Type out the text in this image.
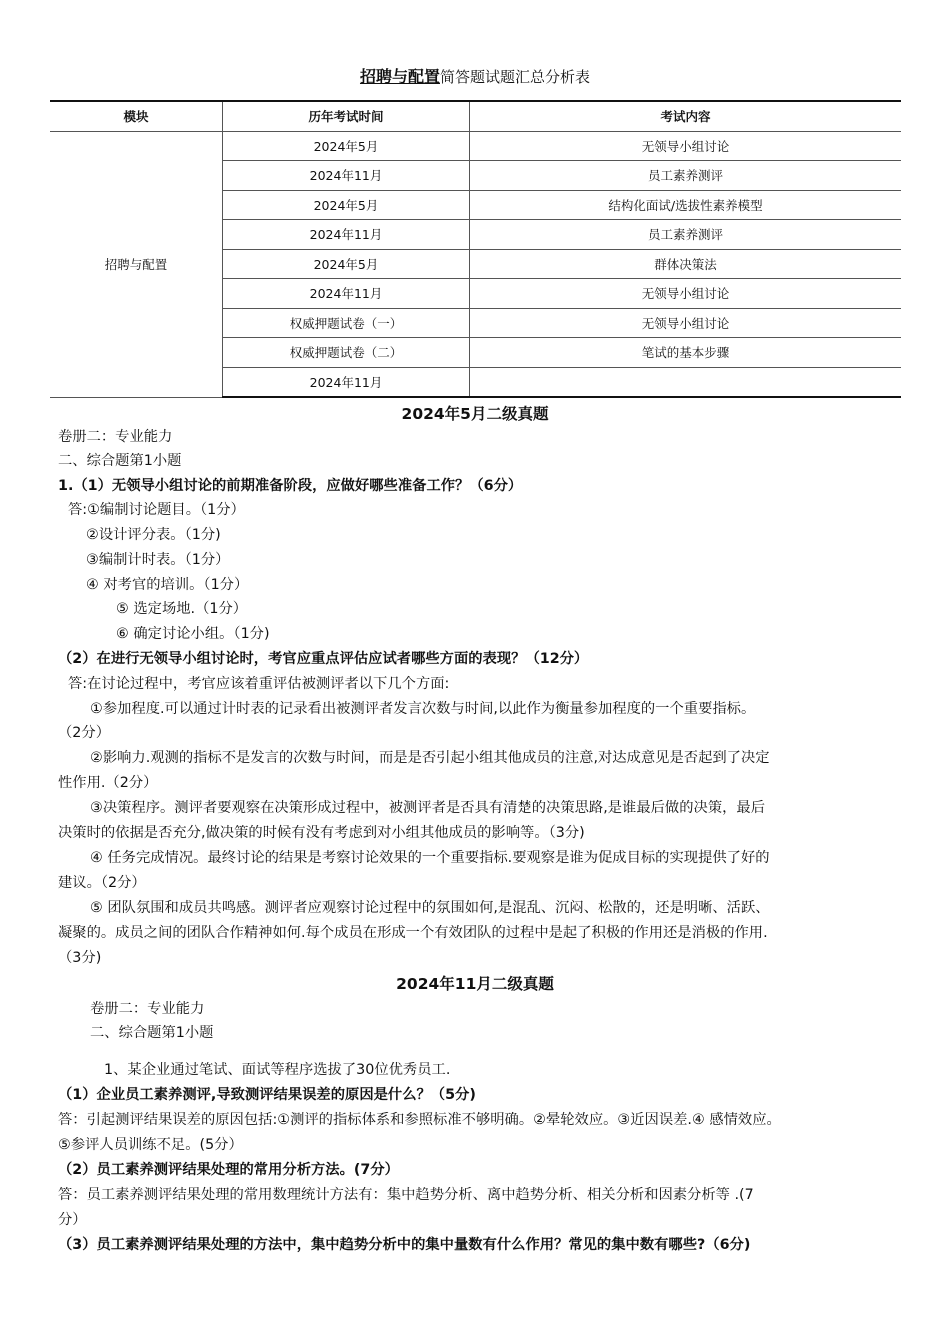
招聘与配置简答题试题汇总分析表
模块	历年考试时间	考试内容
招聘与配置	2024年5月	无领导小组讨论
	2024年11月	员工素养测评
	2024年5月	结构化面试/选拔性素养模型
	2024年11月	员工素养测评
	2024年5月	群体决策法
	2024年11月	无领导小组讨论
	权威押题试卷（一）	无领导小组讨论
	权威押题试卷（二）	笔试的基本步骤
	2024年11月	
2024年5月二级真题
卷册二：专业能力
二、综合题第1小题
1.（1）无领导小组讨论的前期准备阶段，应做好哪些准备工作？（6分）
答:①编制讨论题目。（1分）
②设计评分表。（1分)
③编制计时表。（1分）
④ 对考官的培训。（1分）
⑤ 选定场地.（1分）
⑥ 确定讨论小组。（1分)
（2）在进行无领导小组讨论时，考官应重点评估应试者哪些方面的表现？（12分）
答:在讨论过程中，考官应该着重评估被测评者以下几个方面:
①参加程度.可以通过计时表的记录看出被测评者发言次数与时间,以此作为衡量参加程度的一个重要指标。
（2分）
②影响力.观测的指标不是发言的次数与时间，而是是否引起小组其他成员的注意,对达成意见是否起到了决定
性作用.（2分）
③决策程序。测评者要观察在决策形成过程中，被测评者是否具有清楚的决策思路,是谁最后做的决策，最后
决策时的依据是否充分,做决策的时候有没有考虑到对小组其他成员的影响等。（3分)
④ 任务完成情况。最终讨论的结果是考察讨论效果的一个重要指标.要观察是谁为促成目标的实现提供了好的
建议。（2分）
⑤ 团队氛围和成员共鸣感。测评者应观察讨论过程中的氛围如何,是混乱、沉闷、松散的，还是明晰、活跃、
凝聚的。成员之间的团队合作精神如何.每个成员在形成一个有效团队的过程中是起了积极的作用还是消极的作用.
（3分)
2024年11月二级真题
卷册二：专业能力
二、综合题第1小题
1、某企业通过笔试、面试等程序选拔了30位优秀员工.
（1）企业员工素养测评,导致测评结果误差的原因是什么？（5分)
答：引起测评结果误差的原因包括:①测评的指标体系和参照标准不够明确。②晕轮效应。③近因误差.④ 感情效应。
⑤参评人员训练不足。(5分）
（2）员工素养测评结果处理的常用分析方法。(7分）
答：员工素养测评结果处理的常用数理统计方法有：集中趋势分析、离中趋势分析、相关分析和因素分析等 .(7
分）
（3）员工素养测评结果处理的方法中，集中趋势分析中的集中量数有什么作用？常见的集中数有哪些?（6分)
